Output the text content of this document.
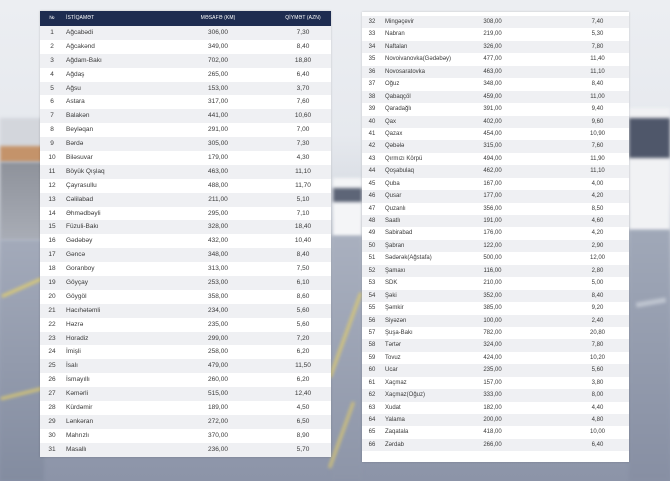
№	İSTİQAMƏT	MƏSAFƏ (KM)	QİYMƏT (AZN)
1	Ağcabədi	306,00	7,30
2	Ağcakənd	349,00	8,40
3	Ağdam-Bakı	702,00	18,80
4	Ağdaş	265,00	6,40
5	Ağsu	153,00	3,70
6	Astara	317,00	7,60
7	Balakən	441,00	10,60
8	Beyləqan	291,00	7,00
9	Bərdə	305,00	7,30
10	Biləsuvar	179,00	4,30
11	Böyük Qışlaq	463,00	11,10
12	Çayrasullu	488,00	11,70
13	Cəlilabad	211,00	5,10
14	Əhmədbəyli	295,00	7,10
15	Füzuli-Bakı	328,00	18,40
16	Gədəbəy	432,00	10,40
17	Gəncə	348,00	8,40
18	Goranboy	313,00	7,50
19	Göyçay	253,00	6,10
20	Göygöl	358,00	8,60
21	Hacıhətəmli	234,00	5,60
22	Həzrə	235,00	5,60
23	Horadiz	299,00	7,20
24	İmişli	258,00	6,20
25	İsalı	479,00	11,50
26	İsmayıllı	260,00	6,20
27	Kəmərli	515,00	12,40
28	Kürdəmir	189,00	4,50
29	Lənkəran	272,00	6,50
30	Mahrızlı	370,00	8,90
31	Masallı	236,00	5,70
32	Mingəçevir	308,00	7,40
33	Nabran	219,00	5,30
34	Naftalan	326,00	7,80
35	Novoivanovka(Gədəbəy)	477,00	11,40
36	Novosaratovka	463,00	11,10
37	Oğuz	348,00	8,40
38	Qabaqçöl	459,00	11,00
39	Qaradağlı	391,00	9,40
40	Qax	402,00	9,60
41	Qazax	454,00	10,90
42	Qəbələ	315,00	7,60
43	Qırmızı Körpü	494,00	11,90
44	Qoşabulaq	462,00	11,10
45	Quba	167,00	4,00
46	Qusar	177,00	4,20
47	Quzanlı	356,00	8,50
48	Saatlı	191,00	4,60
49	Sabirabad	176,00	4,20
50	Şabran	122,00	2,90
51	Sədərək(Ağstafa)	500,00	12,00
52	Şamaxı	116,00	2,80
53	SDK	210,00	5,00
54	Şəki	352,00	8,40
55	Şəmkir	385,00	9,20
56	Siyəzən	100,00	2,40
57	Şuşa-Bakı	782,00	20,80
58	Tərtər	324,00	7,80
59	Tovuz	424,00	10,20
60	Ucar	235,00	5,60
61	Xaçmaz	157,00	3,80
62	Xaçmaz(Oğuz)	333,00	8,00
63	Xudat	182,00	4,40
64	Yalama	200,00	4,80
65	Zaqatala	418,00	10,00
66	Zərdab	266,00	6,40
